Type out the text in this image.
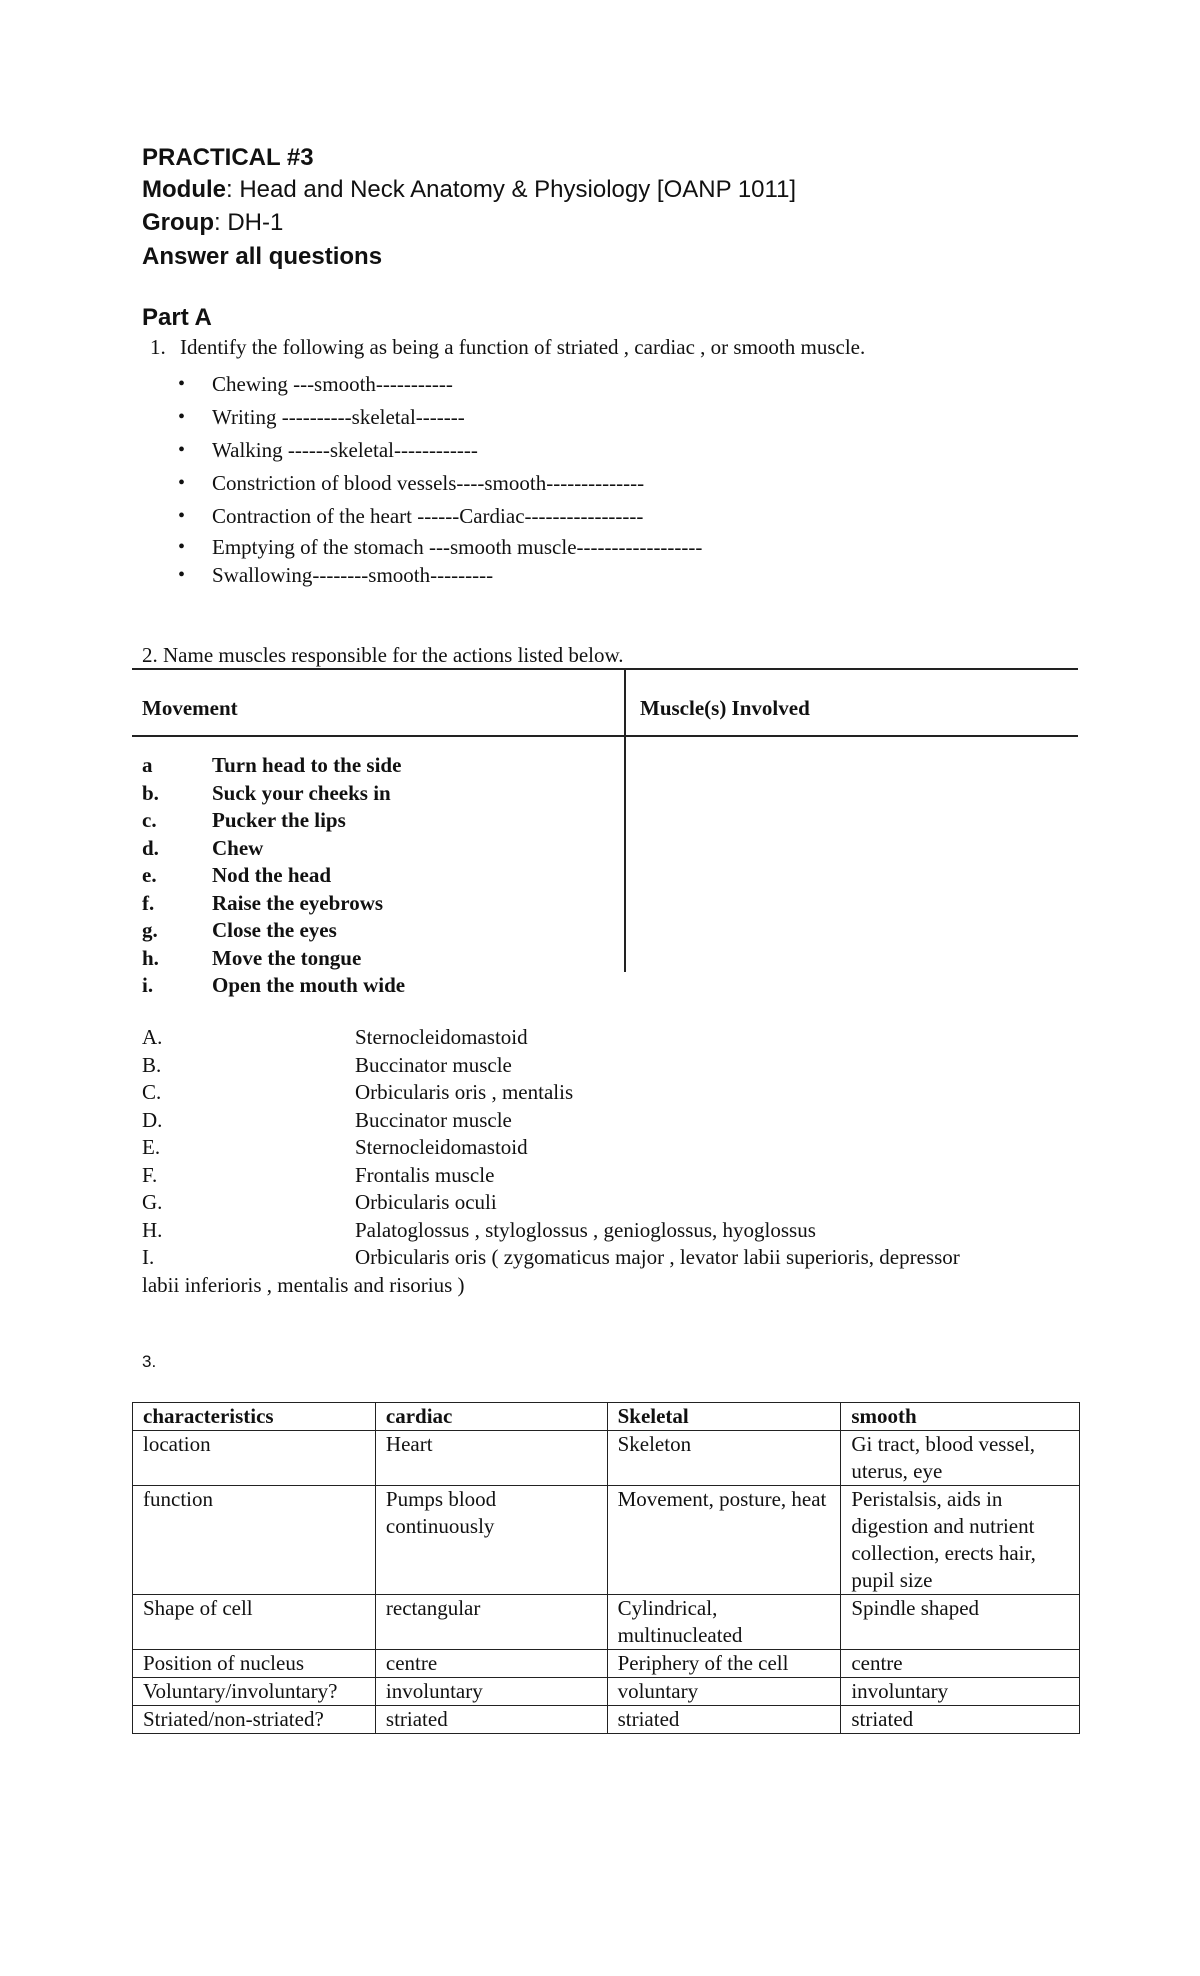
PRACTICAL #3
Module: Head and Neck Anatomy & Physiology [OANP 1011]
Group: DH-1
Answer all questions
Part A
1. Identify the following as being a function of striated , cardiac , or smooth muscle.
• Chewing ---smooth-----------
• Writing ----------skeletal-------
• Walking ------skeletal------------
• Constriction of blood vessels----smooth--------------
• Contraction of the heart ------Cardiac-----------------
• Emptying of the stomach ---smooth muscle------------------
• Swallowing--------smooth---------
2. Name muscles responsible for the actions listed below.
Movement	Muscle(s) Involved
a	Turn head to the side
b.	Suck your cheeks in
c.	Pucker the lips
d.	Chew
e.	Nod the head
f.	Raise the eyebrows
g.	Close the eyes
h.	Move the tongue
i.	Open the mouth wide
A.	Sternocleidomastoid
B.	Buccinator muscle
C.	Orbicularis oris , mentalis
D.	Buccinator muscle
E.	Sternocleidomastoid
F.	Frontalis muscle
G.	Orbicularis oculi
H.	Palatoglossus , styloglossus , genioglossus, hyoglossus
I.	Orbicularis oris ( zygomaticus major , levator labii superioris, depressor
labii inferioris , mentalis and risorius )
3.
characteristics	cardiac	Skeletal	smooth
location	Heart	Skeleton	Gi tract, blood vessel, uterus, eye
function	Pumps blood continuously	Movement, posture, heat	Peristalsis, aids in digestion and nutrient collection, erects hair, pupil size
Shape of cell	rectangular	Cylindrical, multinucleated	Spindle shaped
Position of nucleus	centre	Periphery of the cell	centre
Voluntary/involuntary?	involuntary	voluntary	involuntary
Striated/non-striated?	striated	striated	striated
